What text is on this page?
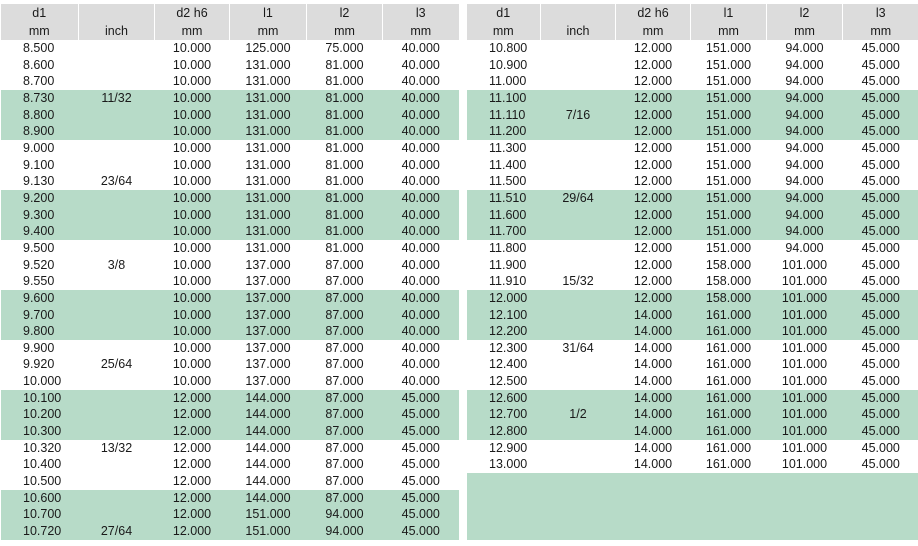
d1		d2 h6	l1	l2	l3
mm	inch	mm	mm	mm	mm
8.500		10.000	125.000	75.000	40.000
8.600		10.000	131.000	81.000	40.000
8.700		10.000	131.000	81.000	40.000
8.730	11/32	10.000	131.000	81.000	40.000
8.800		10.000	131.000	81.000	40.000
8.900		10.000	131.000	81.000	40.000
9.000		10.000	131.000	81.000	40.000
9.100		10.000	131.000	81.000	40.000
9.130	23/64	10.000	131.000	81.000	40.000
9.200		10.000	131.000	81.000	40.000
9.300		10.000	131.000	81.000	40.000
9.400		10.000	131.000	81.000	40.000
9.500		10.000	131.000	81.000	40.000
9.520	3/8	10.000	137.000	87.000	40.000
9.550		10.000	137.000	87.000	40.000
9.600		10.000	137.000	87.000	40.000
9.700		10.000	137.000	87.000	40.000
9.800		10.000	137.000	87.000	40.000
9.900		10.000	137.000	87.000	40.000
9.920	25/64	10.000	137.000	87.000	40.000
10.000		10.000	137.000	87.000	40.000
10.100		12.000	144.000	87.000	45.000
10.200		12.000	144.000	87.000	45.000
10.300		12.000	144.000	87.000	45.000
10.320	13/32	12.000	144.000	87.000	45.000
10.400		12.000	144.000	87.000	45.000
10.500		12.000	144.000	87.000	45.000
10.600		12.000	144.000	87.000	45.000
10.700		12.000	151.000	94.000	45.000
10.720	27/64	12.000	151.000	94.000	45.000
d1		d2 h6	l1	l2	l3
mm	inch	mm	mm	mm	mm
10.800		12.000	151.000	94.000	45.000
10.900		12.000	151.000	94.000	45.000
11.000		12.000	151.000	94.000	45.000
11.100		12.000	151.000	94.000	45.000
11.110	7/16	12.000	151.000	94.000	45.000
11.200		12.000	151.000	94.000	45.000
11.300		12.000	151.000	94.000	45.000
11.400		12.000	151.000	94.000	45.000
11.500		12.000	151.000	94.000	45.000
11.510	29/64	12.000	151.000	94.000	45.000
11.600		12.000	151.000	94.000	45.000
11.700		12.000	151.000	94.000	45.000
11.800		12.000	151.000	94.000	45.000
11.900		12.000	158.000	101.000	45.000
11.910	15/32	12.000	158.000	101.000	45.000
12.000		12.000	158.000	101.000	45.000
12.100		14.000	161.000	101.000	45.000
12.200		14.000	161.000	101.000	45.000
12.300	31/64	14.000	161.000	101.000	45.000
12.400		14.000	161.000	101.000	45.000
12.500		14.000	161.000	101.000	45.000
12.600		14.000	161.000	101.000	45.000
12.700	1/2	14.000	161.000	101.000	45.000
12.800		14.000	161.000	101.000	45.000
12.900		14.000	161.000	101.000	45.000
13.000		14.000	161.000	101.000	45.000
